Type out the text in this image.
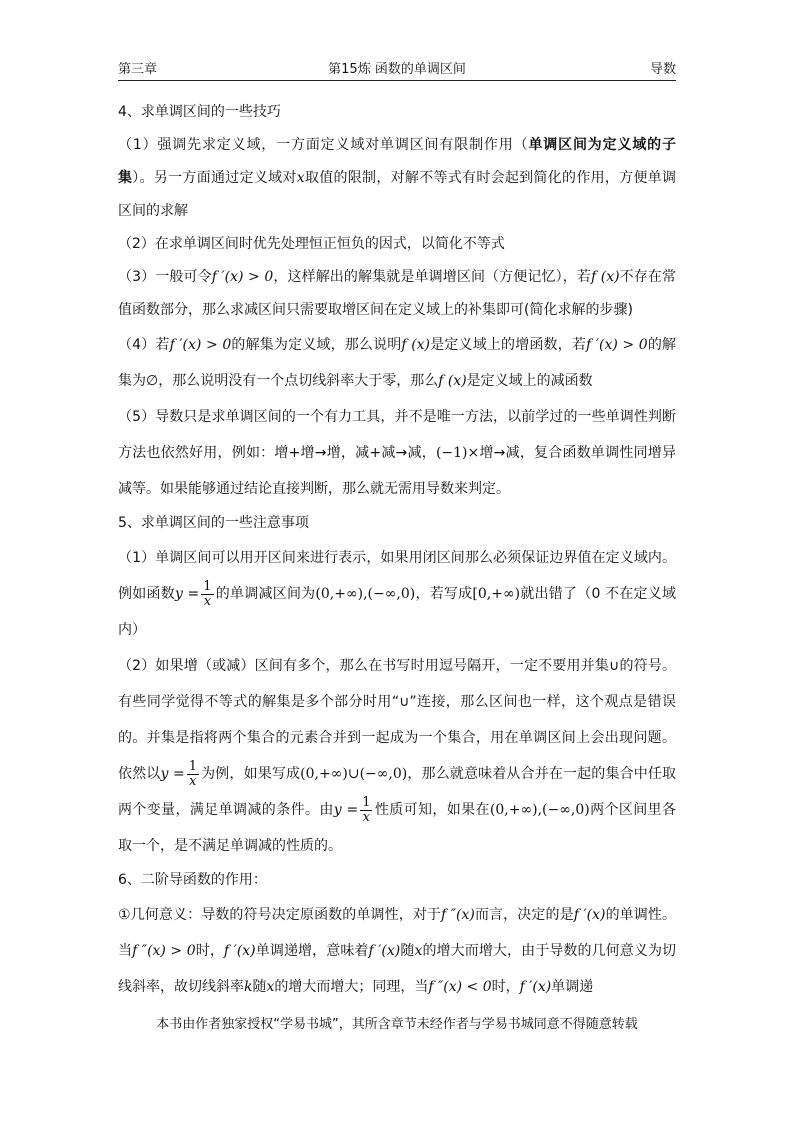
第三章	第15炼 函数的单调区间	导数

4、求单调区间的一些技巧

（1）强调先求定义域，一方面定义域对单调区间有限制作用（单调区间为定义域的子集）。另一方面通过定义域对x取值的限制，对解不等式有时会起到简化的作用，方便单调区间的求解

（2）在求单调区间时优先处理恒正恒负的因式，以简化不等式

（3）一般可令f ′(x) > 0，这样解出的解集就是单调增区间（方便记忆），若f (x)不存在常值函数部分，那么求减区间只需要取增区间在定义域上的补集即可(简化求解的步骤)

（4）若f ′(x) > 0的解集为定义域，那么说明f (x)是定义域上的增函数，若f ′(x) > 0的解集为∅，那么说明没有一个点切线斜率大于零，那么f (x)是定义域上的减函数

（5）导数只是求单调区间的一个有力工具，并不是唯一方法，以前学过的一些单调性判断方法也依然好用，例如：增+增→增，减+减→减，(−1)×增→减，复合函数单调性同增异减等。如果能够通过结论直接判断，那么就无需用导数来判定。

5、求单调区间的一些注意事项

（1）单调区间可以用开区间来进行表示，如果用闭区间那么必须保证边界值在定义域内。例如函数$y = \frac{1}{x}$ 的单调减区间为(0,+∞),(−∞,0)，若写成[0,+∞)就出错了（0 不在定义域内）

（2）如果增（或减）区间有多个，那么在书写时用逗号隔开，一定不要用并集∪的符号。有些同学觉得不等式的解集是多个部分时用“∪”连接，那么区间也一样，这个观点是错误的。并集是指将两个集合的元素合并到一起成为一个集合，用在单调区间上会出现问题。依然以$y = \frac{1}{x}$ 为例，如果写成(0,+∞)∪(−∞,0)，那么就意味着从合并在一起的集合中任取两个变量，满足单调减的条件。由$y = \frac{1}{x}$ 性质可知，如果在(0,+∞),(−∞,0)两个区间里各取一个，是不满足单调减的性质的。

6、二阶导函数的作用：

①几何意义：导数的符号决定原函数的单调性，对于f ″(x)而言，决定的是f ′(x)的单调性。当f ″(x) > 0时，f ′(x)单调递增，意味着f ′(x)随x的增大而增大，由于导数的几何意义为切线斜率，故切线斜率k随x的增大而增大；同理，当f ″(x) < 0时，f ′(x)单调递

本书由作者独家授权“学易书城”，其所含章节未经作者与学易书城同意不得随意转载
